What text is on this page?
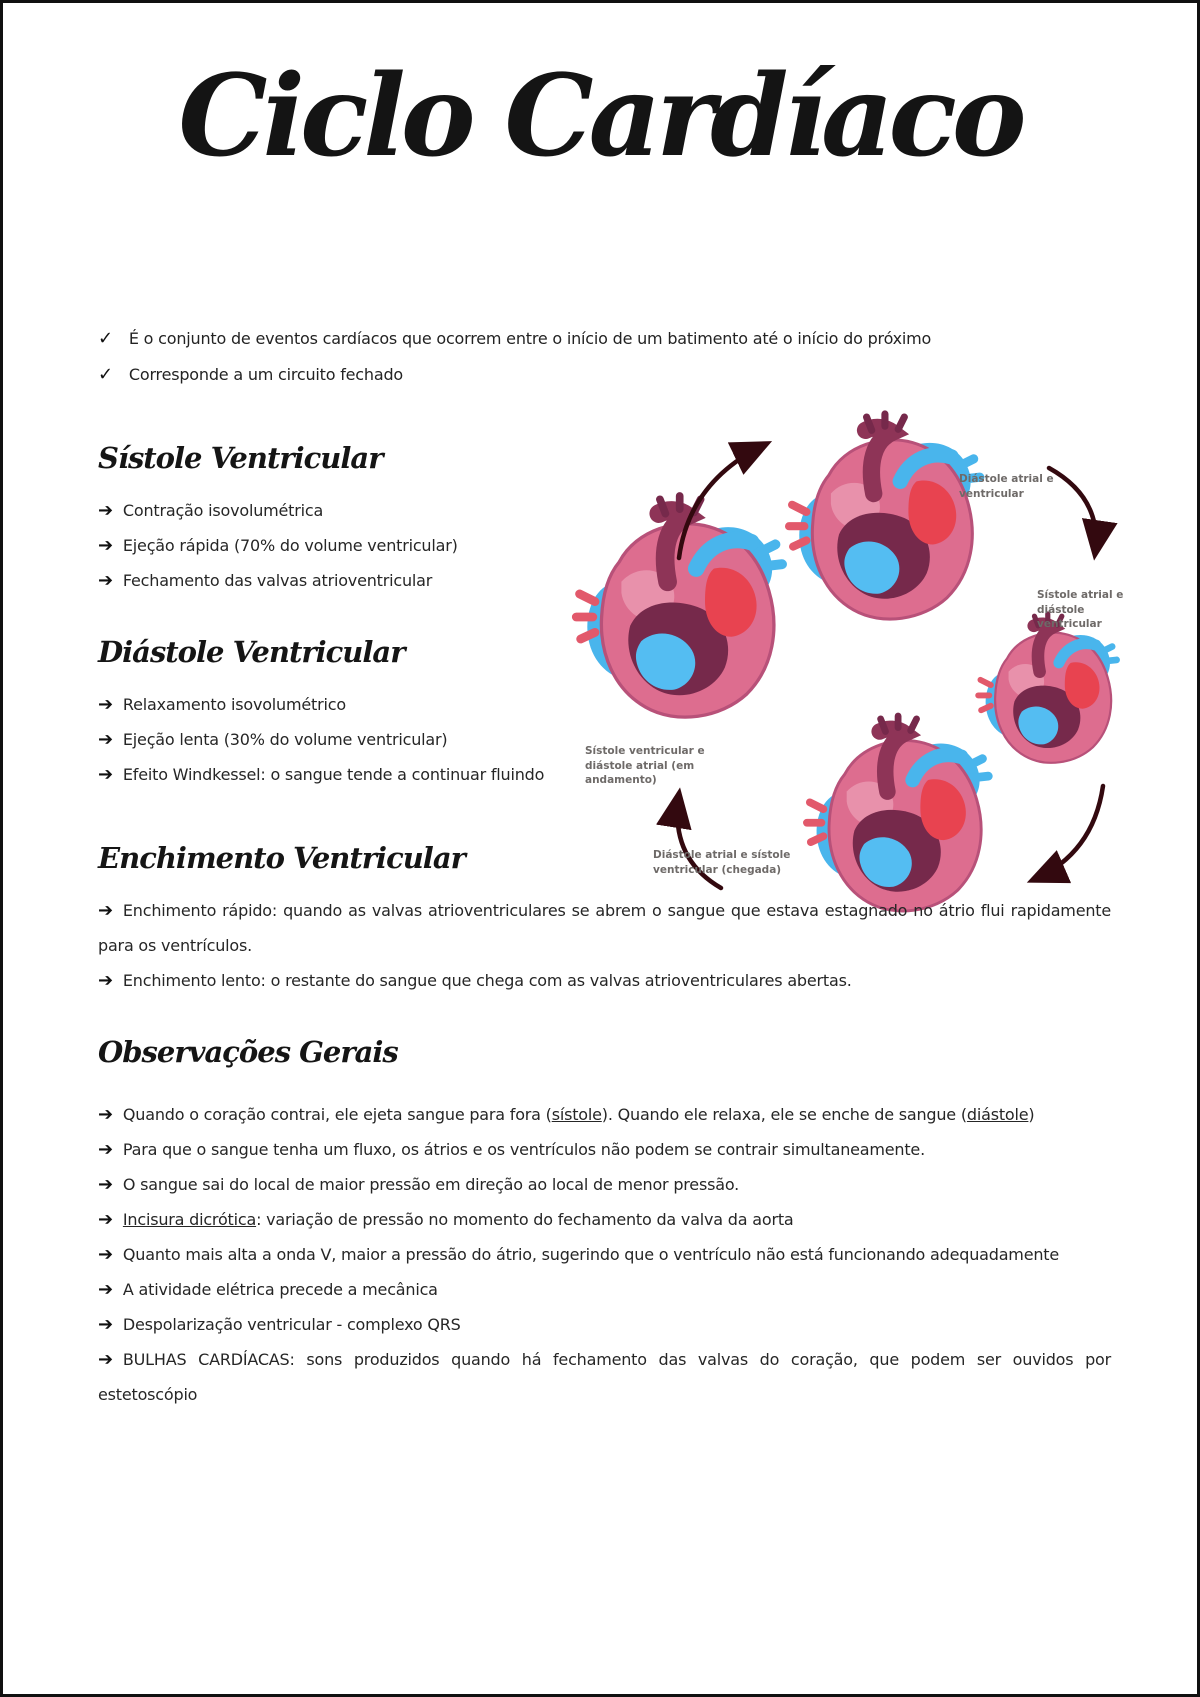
Ciclo Cardíaco
✓ É o conjunto de eventos cardíacos que ocorrem entre o início de um batimento até o início do próximo
✓ Corresponde a um circuito fechado
Sístole Ventricular
➔ Contração isovolumétrica
➔ Ejeção rápida (70% do volume ventricular)
➔ Fechamento das valvas atrioventricular
Diástole Ventricular
➔ Relaxamento isovolumétrico
➔ Ejeção lenta (30% do volume ventricular)
➔ Efeito Windkessel: o sangue tende a continuar fluindo
Diástole atrial e ventricular
Sístole atrial e diástole ventricular
Sístole ventricular e diástole atrial (em andamento)
Diástole atrial e sístole ventricular (chegada)
Enchimento Ventricular
➔ Enchimento rápido: quando as valvas atrioventriculares se abrem o sangue que estava estagnado no átrio flui rapidamente para os ventrículos.
➔ Enchimento lento: o restante do sangue que chega com as valvas atrioventriculares abertas.
Observações Gerais
➔ Quando o coração contrai, ele ejeta sangue para fora (sístole). Quando ele relaxa, ele se enche de sangue (diástole)
➔ Para que o sangue tenha um fluxo, os átrios e os ventrículos não podem se contrair simultaneamente.
➔ O sangue sai do local de maior pressão em direção ao local de menor pressão.
➔ Incisura dicrótica: variação de pressão no momento do fechamento da valva da aorta
➔ Quanto mais alta a onda V, maior a pressão do átrio, sugerindo que o ventrículo não está funcionando adequadamente
➔ A atividade elétrica precede a mecânica
➔ Despolarização ventricular - complexo QRS
➔ BULHAS CARDÍACAS: sons produzidos quando há fechamento das valvas do coração, que podem ser ouvidos por estetoscópio
